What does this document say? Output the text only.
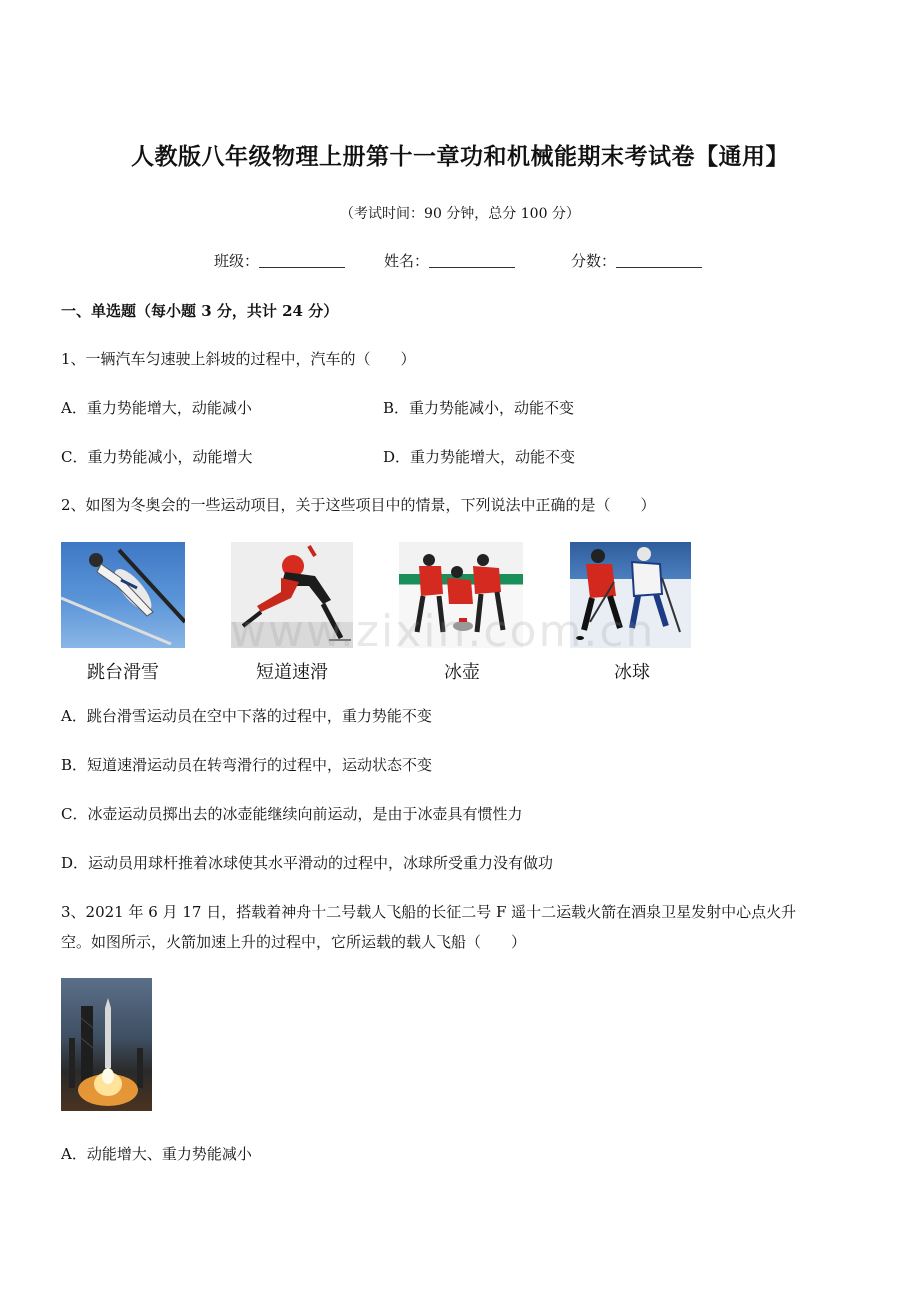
人教版八年级物理上册第十一章功和机械能期末考试卷【通用】
（考试时间：90 分钟，总分 100 分）
班级：	姓名：	分数：
一、单选题（每小题 3 分，共计 24 分）
1、一辆汽车匀速驶上斜坡的过程中，汽车的（　　）
A．重力势能增大，动能减小	B．重力势能减小，动能不变
C．重力势能减小，动能增大	D．重力势能增大，动能不变
2、如图为冬奥会的一些运动项目，关于这些项目中的情景，下列说法中正确的是（　　）
跳台滑雪	短道速滑	冰壶	冰球
www.zixin.com.cn
A．跳台滑雪运动员在空中下落的过程中，重力势能不变
B．短道速滑运动员在转弯滑行的过程中，运动状态不变
C．冰壶运动员掷出去的冰壶能继续向前运动，是由于冰壶具有惯性力
D．运动员用球杆推着冰球使其水平滑动的过程中，冰球所受重力没有做功
3、2021 年 6 月 17 日，搭载着神舟十二号载人飞船的长征二号 F 遥十二运载火箭在酒泉卫星发射中心点火升
空。如图所示，火箭加速上升的过程中，它所运载的载人飞船（　　）
A．动能增大、重力势能减小
